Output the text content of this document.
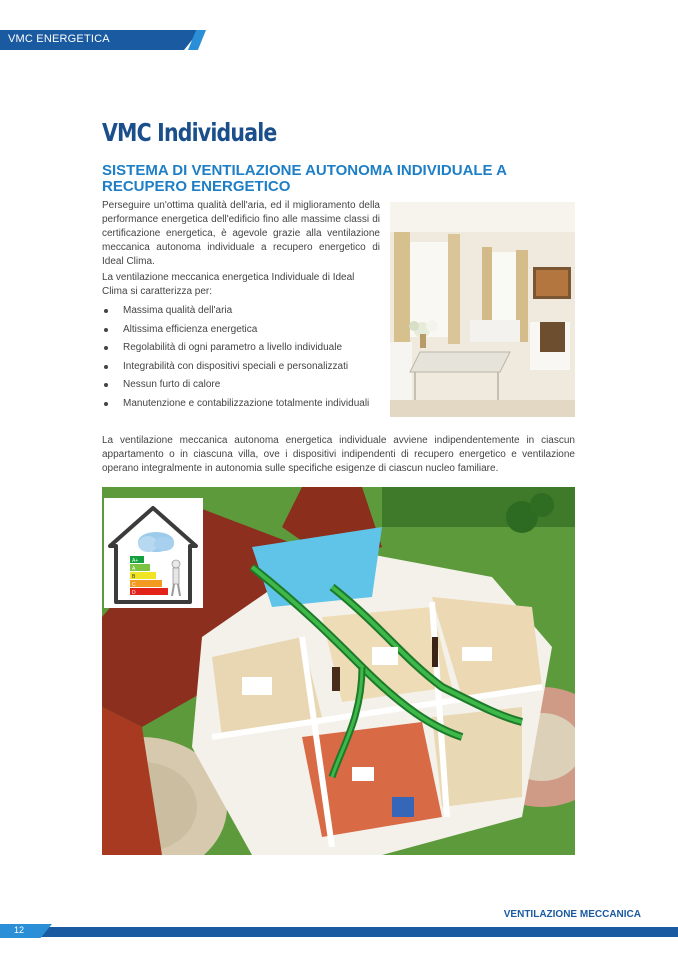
VMC ENERGETICA
VMC Individuale
SISTEMA DI VENTILAZIONE AUTONOMA INDIVIDUALE A RECUPERO ENERGETICO

Perseguire un'ottima qualità dell'aria, ed il miglioramento della performance energetica dell'edificio fino alle massime classi di certificazione energetica, è agevole grazie alla ventilazione meccanica autonoma individuale a recupero energetico di Ideal Clima.

La ventilazione meccanica energetica Individuale di Ideal Clima si caratterizza per:

Massima qualità dell'aria
Altissima efficienza energetica
Regolabilità di ogni parametro a livello individuale
Integrabilità con dispositivi speciali e personalizzati
Nessun furto di calore
Manutenzione e contabilizzazione totalmente individuali

La ventilazione meccanica autonoma energetica individuale avviene indipendentemente in ciascun appartamento o in ciascuna villa, ove i dispositivi indipendenti di recupero energetico e ventilazione operano integralmente in autonomia sulle specifiche esigenze di ciascun nucleo familiare.

A+
A
B
C
D
VENTILAZIONE MECCANICA
12
